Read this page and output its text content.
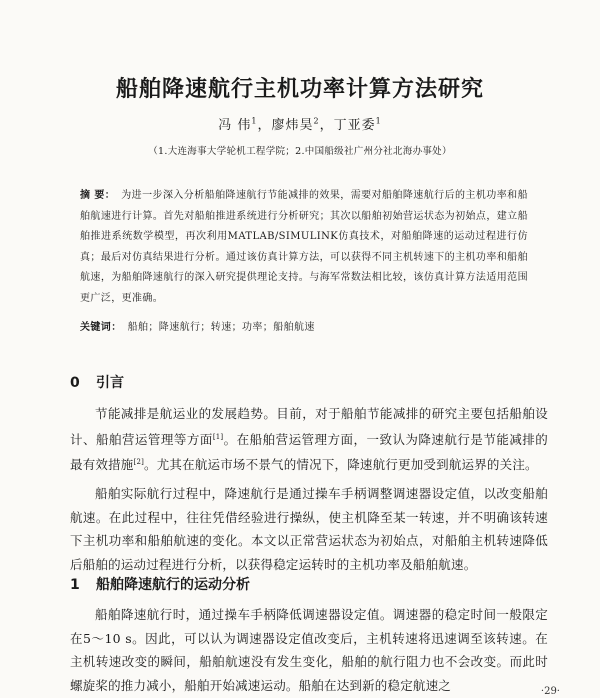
船舶降速航行主机功率计算方法研究
冯 伟$^1$，廖炜昊$^2$，丁亚委$^1$
（1.大连海事大学轮机工程学院；2.中国船级社广州分社北海办事处）
摘 要： 为进一步深入分析船舶降速航行节能减排的效果，需要对船舶降速航行后的主机功率和船舶航速进行计算。首先对船舶推进系统进行分析研究；其次以船舶初始营运状态为初始点，建立船舶推进系统数学模型，再次利用MATLAB/SIMULINK仿真技术，对船舶降速的运动过程进行仿真；最后对仿真结果进行分析。通过该仿真计算方法，可以获得不同主机转速下的主机功率和船舶航速，为船舶降速航行的深入研究提供理论支持。与海军常数法相比较，该仿真计算方法适用范围更广泛，更准确。
关键词： 船舶；降速航行；转速；功率；船舶航速
0 引言
节能减排是航运业的发展趋势。目前，对于船舶节能减排的研究主要包括船舶设计、船舶营运管理等方面[1]。在船舶营运管理方面，一致认为降速航行是节能减排的最有效措施[2]。尤其在航运市场不景气的情况下，降速航行更加受到航运界的关注。
船舶实际航行过程中，降速航行是通过操车手柄调整调速器设定值，以改变船舶航速。在此过程中，往往凭借经验进行操纵，使主机降至某一转速，并不明确该转速下主机功率和船舶航速的变化。本文以正常营运状态为初始点，对船舶主机转速降低后船舶的运动过程进行分析，以获得稳定运转时的主机功率及船舶航速。
1 船舶降速航行的运动分析
船舶降速航行时，通过操车手柄降低调速器设定值。调速器的稳定时间一般限定在5～10 s。因此，可以认为调速器设定值改变后，主机转速将迅速调至该转速。在主机转速改变的瞬间，船舶航速没有发生变化，船舶的航行阻力也不会改变。而此时螺旋桨的推力减小，船舶开始减速运动。船舶在达到新的稳定航速之	·29·
